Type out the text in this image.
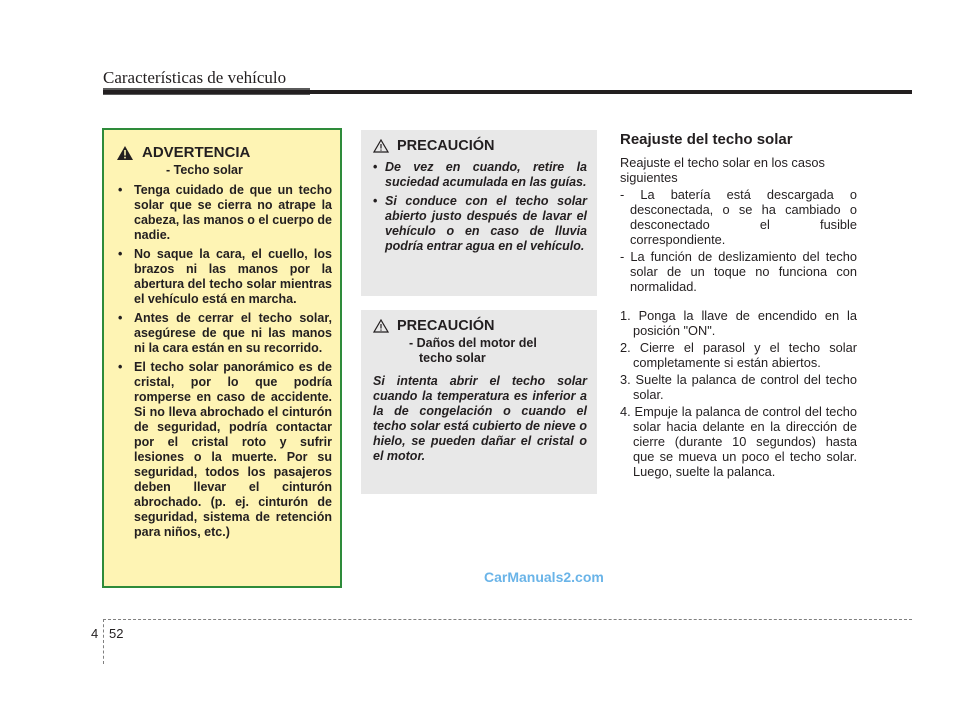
Características de vehículo
ADVERTENCIA
- Techo solar
• Tenga cuidado de que un techo solar que se cierra no atrape la cabeza, las manos o el cuerpo de nadie.
• No saque la cara, el cuello, los brazos ni las manos por la abertura del techo solar mientras el vehículo está en marcha.
• Antes de cerrar el techo solar, asegúrese de que ni las manos ni la cara están en su recorrido.
• El techo solar panorámico es de cristal, por lo que podría romperse en caso de accidente. Si no lleva abrochado el cinturón de seguridad, podría contactar por el cristal roto y sufrir lesiones o la muerte. Por su seguridad, todos los pasajeros deben llevar el cinturón abrochado. (p. ej. cinturón de seguridad, sistema de retención para niños, etc.)
PRECAUCIÓN
• De vez en cuando, retire la suciedad acumulada en las guías.
• Si conduce con el techo solar abierto justo después de lavar el vehículo o en caso de lluvia podría entrar agua en el vehículo.
PRECAUCIÓN
- Daños del motor del
techo solar
Si intenta abrir el techo solar cuando la temperatura es inferior a la de congelación o cuando el techo solar está cubierto de nieve o hielo, se pueden dañar el cristal o el motor.
Reajuste del techo solar
Reajuste el techo solar en los casos siguientes
- La batería está descargada o desconectada, o se ha cambiado o desconectado el fusible correspondiente.
- La función de deslizamiento del techo solar de un toque no funciona con normalidad.
1. Ponga la llave de encendido en la posición "ON".
2. Cierre el parasol y el techo solar completamente si están abiertos.
3. Suelte la palanca de control del techo solar.
4. Empuje la palanca de control del techo solar hacia delante en la dirección de cierre (durante 10 segundos) hasta que se mueva un poco el techo solar. Luego, suelte la palanca.
CarManuals2.com
4 52
